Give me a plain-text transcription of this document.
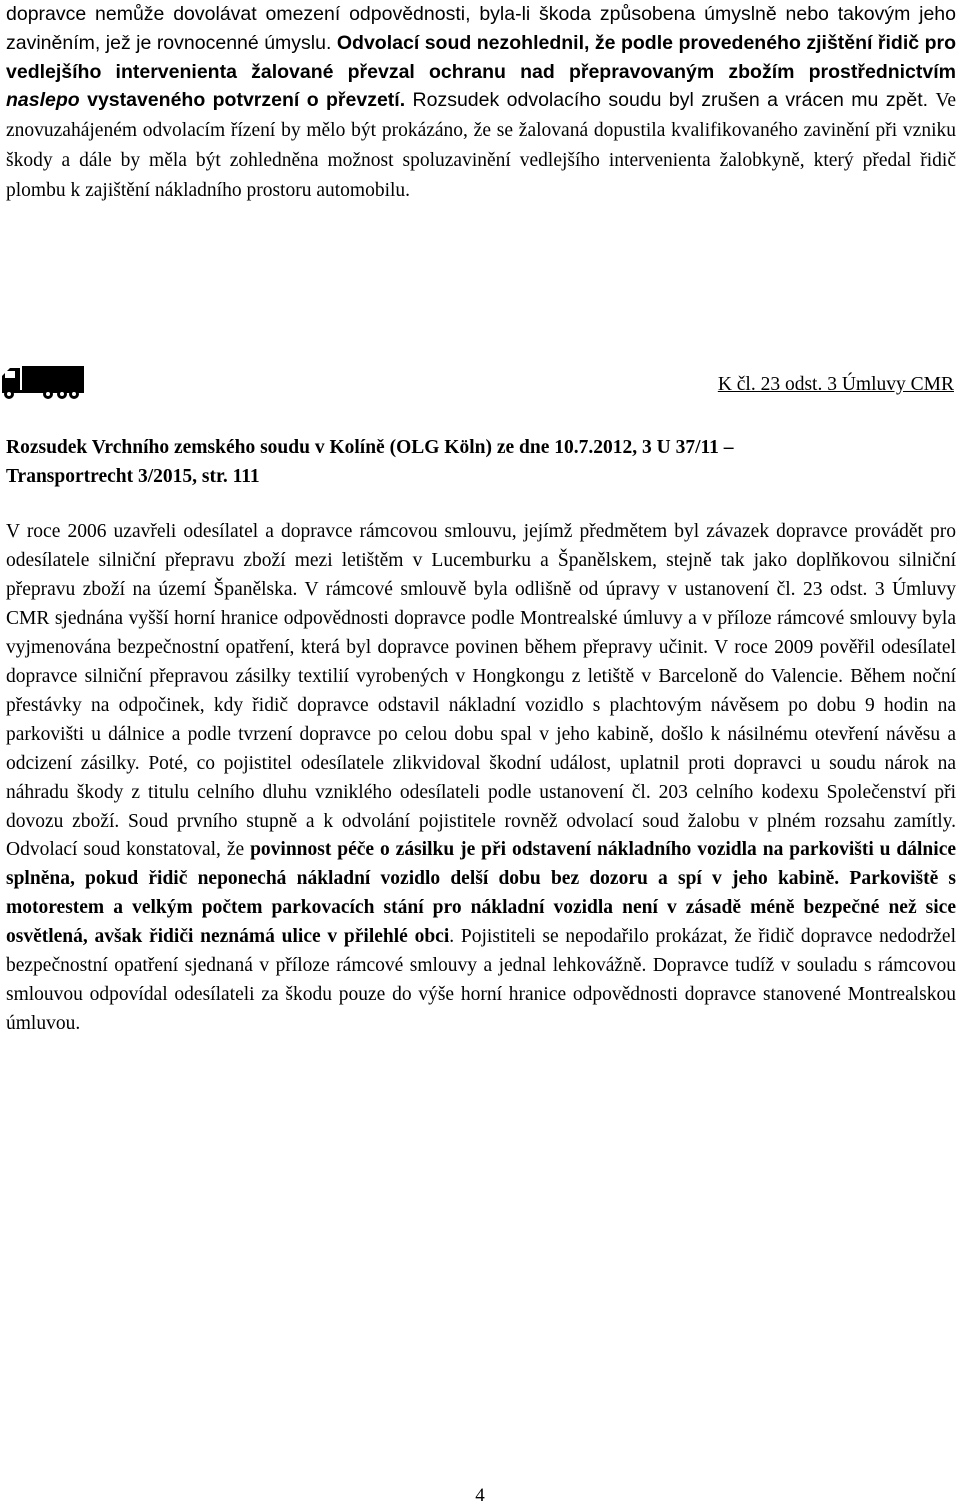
dopravce nemůže dovolávat omezení odpovědnosti, byla-li škoda způsobena úmyslně nebo takovým jeho zaviněním, jež je rovnocenné úmyslu. Odvolací soud nezohlednil, že podle provedeného zjištění řidič pro vedlejšího intervenienta žalované převzal ochranu nad přepravovaným zbožím prostřednictvím naslepo vystaveného potvrzení o převzetí. Rozsudek odvolacího soudu byl zrušen a vrácen mu zpět. Ve znovuzahájeném odvolacím řízení by mělo být prokázáno, že se žalovaná dopustila kvalifikovaného zavinění při vzniku škody a dále by měla být zohledněna možnost spoluzavinění vedlejšího intervenienta žalobkyně, který předal řidič plombu k zajištění nákladního prostoru automobilu.
K čl. 23 odst. 3 Úmluvy CMR
Rozsudek Vrchního zemského soudu v Kolíně (OLG Köln) ze dne 10.7.2012, 3 U 37/11 –
Transportrecht 3/2015, str. 111
V roce 2006 uzavřeli odesílatel a dopravce rámcovou smlouvu, jejímž předmětem byl závazek dopravce provádět pro odesílatele silniční přepravu zboží mezi letištěm v Lucemburku a Španělskem, stejně tak jako doplňkovou silniční přepravu zboží na území Španělska. V rámcové smlouvě byla odlišně od úpravy v ustanovení čl. 23 odst. 3 Úmluvy CMR sjednána vyšší horní hranice odpovědnosti dopravce podle Montrealské úmluvy a v příloze rámcové smlouvy byla vyjmenována bezpečnostní opatření, která byl dopravce povinen během přepravy učinit. V roce 2009 pověřil odesílatel dopravce silniční přepravou zásilky textilií vyrobených v Hongkongu z letiště v Barceloně do Valencie. Během noční přestávky na odpočinek, kdy řidič dopravce odstavil nákladní vozidlo s plachtovým návěsem po dobu 9 hodin na parkovišti u dálnice a podle tvrzení dopravce po celou dobu spal v jeho kabině, došlo k násilnému otevření návěsu a odcizení zásilky. Poté, co pojistitel odesílatele zlikvidoval škodní událost, uplatnil proti dopravci u soudu nárok na náhradu škody z titulu celního dluhu vzniklého odesílateli podle ustanovení čl. 203 celního kodexu Společenství při dovozu zboží. Soud prvního stupně a k odvolání pojistitele rovněž odvolací soud žalobu v plném rozsahu zamítly. Odvolací soud konstatoval, že povinnost péče o zásilku je při odstavení nákladního vozidla na parkovišti u dálnice splněna, pokud řidič neponechá nákladní vozidlo delší dobu bez dozoru a spí v jeho kabině. Parkoviště s motorestem a velkým počtem parkovacích stání pro nákladní vozidla není v zásadě méně bezpečné než sice osvětlená, avšak řidiči neznámá ulice v přilehlé obci. Pojistiteli se nepodařilo prokázat, že řidič dopravce nedodržel bezpečnostní opatření sjednaná v příloze rámcové smlouvy a jednal lehkovážně. Dopravce tudíž v souladu s rámcovou smlouvou odpovídal odesílateli za škodu pouze do výše horní hranice odpovědnosti dopravce stanovené Montrealskou úmluvou.
4
